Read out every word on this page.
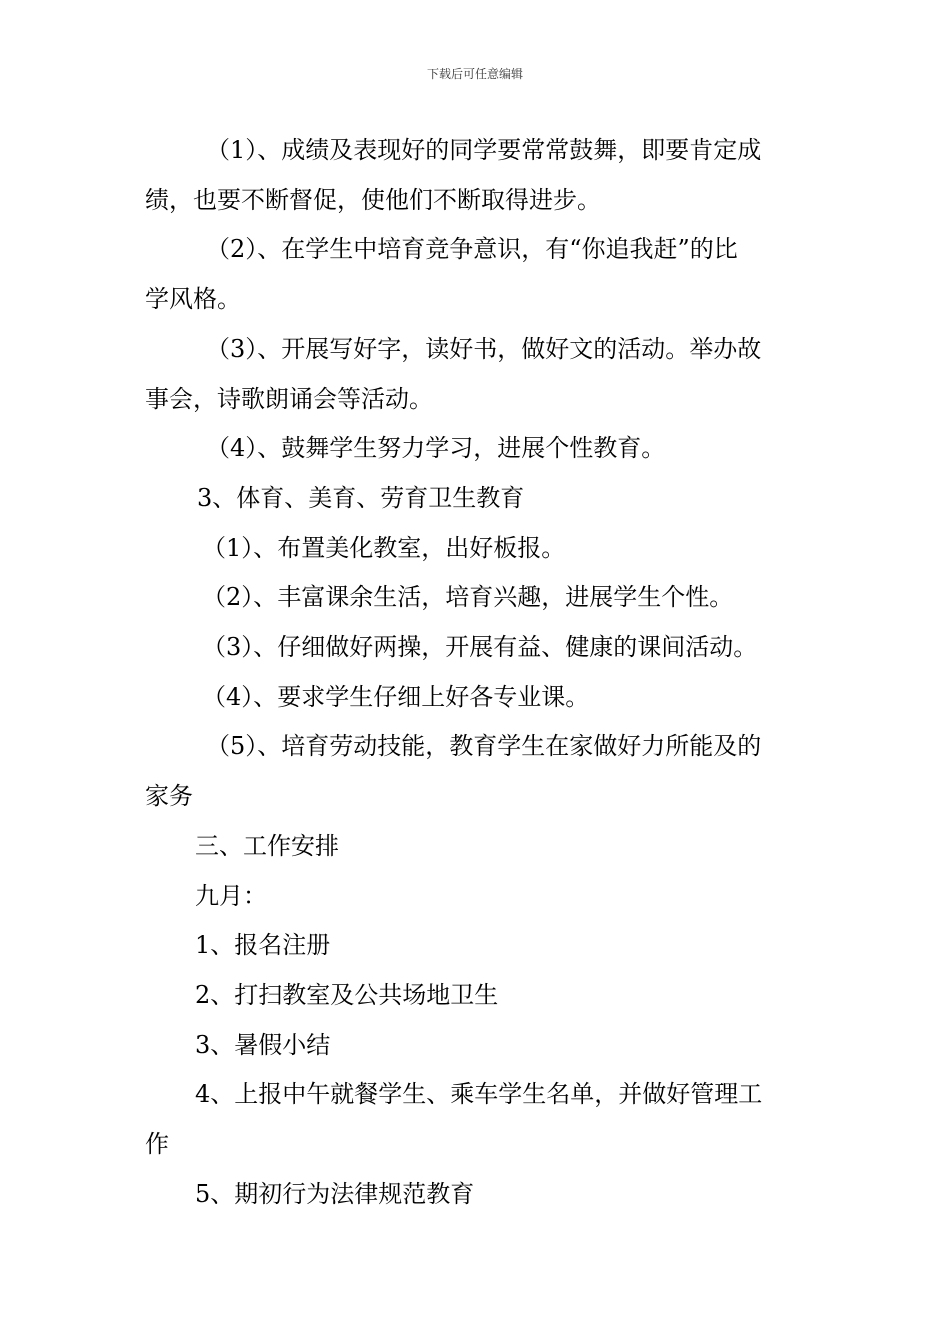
下载后可任意编辑

（1）、成绩及表现好的同学要常常鼓舞，即要肯定成

绩，也要不断督促，使他们不断取得进步。

（2）、在学生中培育竞争意识，有“你追我赶”的比

学风格。

（3）、开展写好字，读好书，做好文的活动。举办故

事会，诗歌朗诵会等活动。

（4）、鼓舞学生努力学习，进展个性教育。

3、体育、美育、劳育卫生教育

（1）、布置美化教室，出好板报。

（2）、丰富课余生活，培育兴趣，进展学生个性。

（3）、仔细做好两操，开展有益、健康的课间活动。

（4）、要求学生仔细上好各专业课。

（5）、培育劳动技能，教育学生在家做好力所能及的

家务

三、工作安排

九月：

1、报名注册

2、打扫教室及公共场地卫生

3、暑假小结

4、上报中午就餐学生、乘车学生名单，并做好管理工

作

5、期初行为法律规范教育
